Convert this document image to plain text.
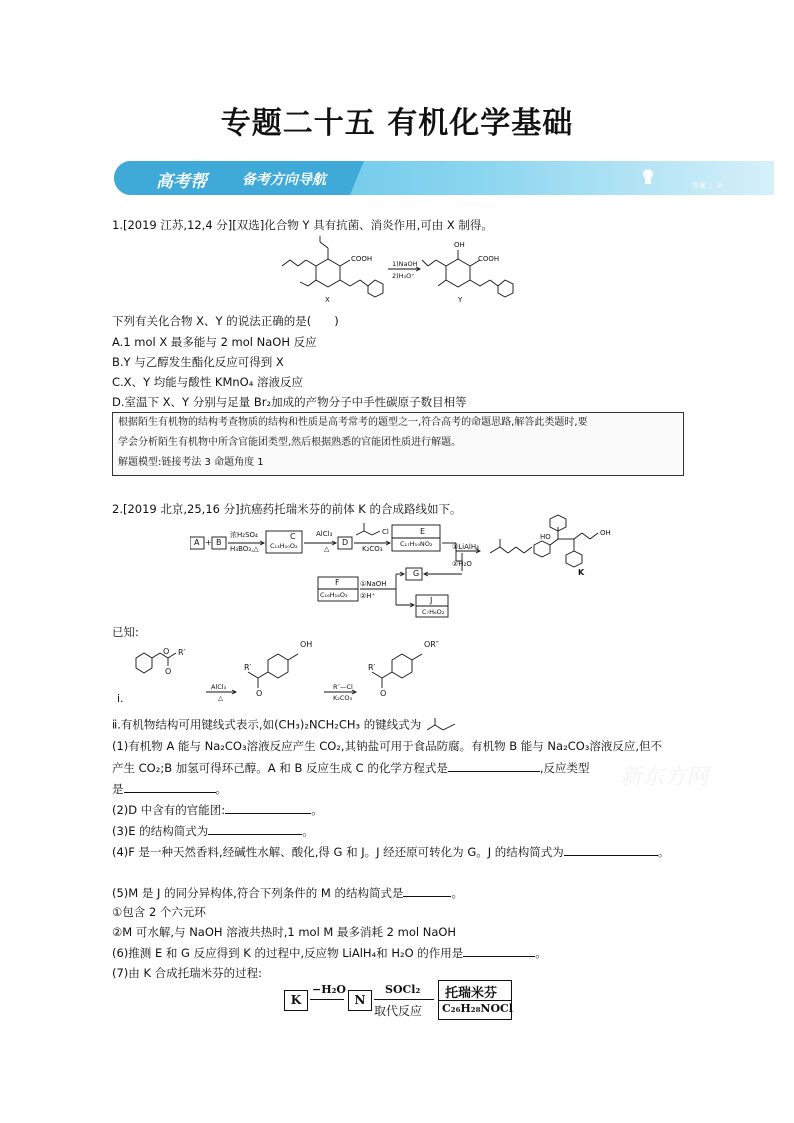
专题二十五 有机化学基础
高考帮	备考方向导航	答案 》 P
1.[2019 江苏,12,4 分][双选]化合物 Y 具有抗菌、消炎作用,可由 X 制得。
COOH
1)NaOH
2)H₃O⁺
OH
COOH
X	Y
下列有关化合物 X、Y 的说法正确的是(　　)
A.1 mol X 最多能与 2 mol NaOH 反应
B.Y 与乙醇发生酯化反应可得到 X
C.X、Y 均能与酸性 KMnO₄ 溶液反应
D.室温下 X、Y 分别与足量 Br₂加成的产物分子中手性碳原子数目相等
根据陌生有机物的结构考查物质的结构和性质是高考常考的题型之一,符合高考的命题思路,解答此类题时,要
学会分析陌生有机物中所含官能团类型,然后根据熟悉的官能团性质进行解题。
解题模型:链接考法 3 命题角度 1
2.[2019 北京,25,16 分]抗癌药托瑞米芬的前体 K 的合成路线如下。
A + B
浓H₂SO₄
H₃BO₃,△
C
C₁₃H₁₀O₂
AlCl₃
△
D
Cl
K₂CO₃
E
C₁₇H₁₉NO₂	①LiAlH₄
②H₂O
G
F
C₁₆H₁₆O₂
①NaOH
②H⁺	J
C₇H₆O₂
HO	OH
K
已知:
ⅰ.
O R′
O
AlCl₃
△
R′
OH
O
R″—Cl
K₂CO₃
R′
OR″
O
ⅱ.有机物结构可用键线式表示,如(CH₃)₂NCH₂CH₃ 的键线式为
(1)有机物 A 能与 Na₂CO₃溶液反应产生 CO₂,其钠盐可用于食品防腐。有机物 B 能与 Na₂CO₃溶液反应,但不
产生 CO₂;B 加氢可得环己醇。A 和 B 反应生成 C 的化学方程式是	,反应类型
是	。
(2)D 中含有的官能团:	。
(3)E 的结构简式为	。
(4)F 是一种天然香料,经碱性水解、酸化,得 G 和 J。J 经还原可转化为 G。J 的结构简式为	。
(5)M 是 J 的同分异构体,符合下列条件的 M 的结构简式是	。
①包含 2 个六元环
②M 可水解,与 NaOH 溶液共热时,1 mol M 最多消耗 2 mol NaOH
(6)推测 E 和 G 反应得到 K 的过程中,反应物 LiAlH₄和 H₂O 的作用是	。
(7)由 K 合成托瑞米芬的过程:
K
−H₂O
N
SOCl₂
取代反应
托瑞米芬
C₂₆H₂₈NOCl
新东方网
